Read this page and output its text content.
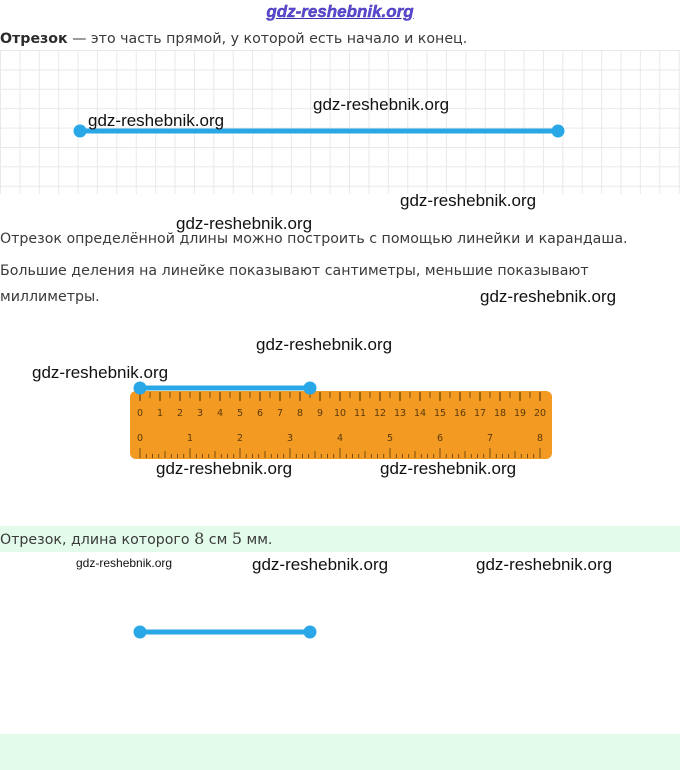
gdz-reshebnik.org
Отрезок — это часть прямой, у которой есть начало и конец.
Отрезок определённой длины можно построить с помощью линейки и карандаша.
Большие деления на линейке показывают сантиметры, меньшие показывают миллиметры.
0 1 2 3 4 5 6 7 8 9 10 11 12 13 14 15 16 17 18 19 20
0	1	2	3	4	5	6	7	8
Отрезок, длина которого 8 см 5 мм.
gdz-reshebnik.org
gdz-reshebnik.org
gdz-reshebnik.org
gdz-reshebnik.org
gdz-reshebnik.org
gdz-reshebnik.org
gdz-reshebnik.org
gdz-reshebnik.org	gdz-reshebnik.org
gdz-reshebnik.org	gdz-reshebnik.org	gdz-reshebnik.org
